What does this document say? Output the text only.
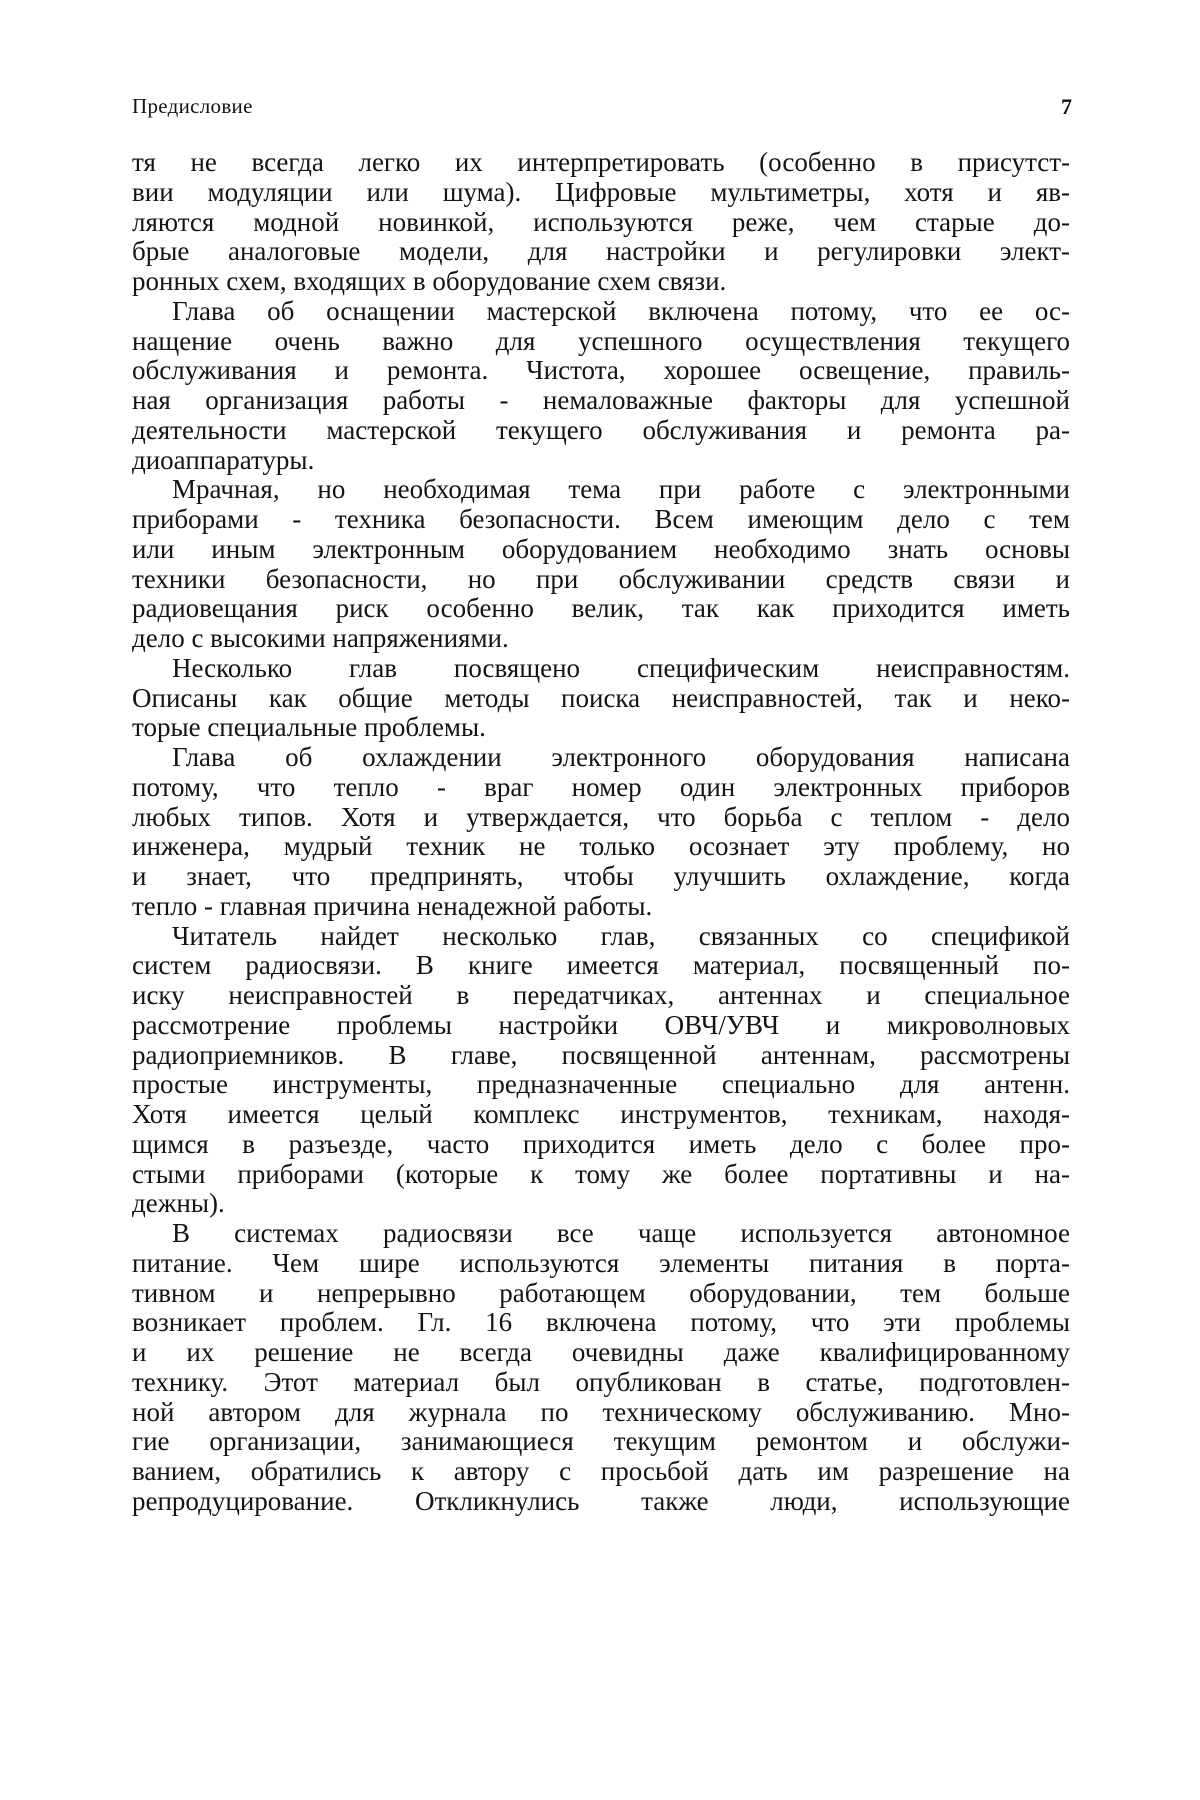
Предисловие	7
тя не всегда легко их интерпретировать (особенно в присутст-
вии модуляции или шума). Цифровые мультиметры, хотя и яв-
ляются модной новинкой, используются реже, чем старые до-
брые аналоговые модели, для настройки и регулировки элект-
ронных схем, входящих в оборудование схем связи.
Глава об оснащении мастерской включена потому, что ее ос-
нащение очень важно для успешного осуществления текущего
обслуживания и ремонта. Чистота, хорошее освещение, правиль-
ная организация работы - немаловажные факторы для успешной
деятельности мастерской текущего обслуживания и ремонта ра-
диоаппаратуры.
Мрачная, но необходимая тема при работе с электронными
приборами - техника безопасности. Всем имеющим дело с тем
или иным электронным оборудованием необходимо знать основы
техники безопасности, но при обслуживании средств связи и
радиовещания риск особенно велик, так как приходится иметь
дело с высокими напряжениями.
Несколько глав посвящено специфическим неисправностям.
Описаны как общие методы поиска неисправностей, так и неко-
торые специальные проблемы.
Глава об охлаждении электронного оборудования написана
потому, что тепло - враг номер один электронных приборов
любых типов. Хотя и утверждается, что борьба с теплом - дело
инженера, мудрый техник не только осознает эту проблему, но
и знает, что предпринять, чтобы улучшить охлаждение, когда
тепло - главная причина ненадежной работы.
Читатель найдет несколько глав, связанных со спецификой
систем радиосвязи. В книге имеется материал, посвященный по-
иску неисправностей в передатчиках, антеннах и специальное
рассмотрение проблемы настройки ОВЧ/УВЧ и микроволновых
радиоприемников. В главе, посвященной антеннам, рассмотрены
простые инструменты, предназначенные специально для антенн.
Хотя имеется целый комплекс инструментов, техникам, находя-
щимся в разъезде, часто приходится иметь дело с более про-
стыми приборами (которые к тому же более портативны и на-
дежны).
В системах радиосвязи все чаще используется автономное
питание. Чем шире используются элементы питания в порта-
тивном и непрерывно работающем оборудовании, тем больше
возникает проблем. Гл. 16 включена потому, что эти проблемы
и их решение не всегда очевидны даже квалифицированному
технику. Этот материал был опубликован в статье, подготовлен-
ной автором для журнала по техническому обслуживанию. Мно-
гие организации, занимающиеся текущим ремонтом и обслужи-
ванием, обратились к автору с просьбой дать им разрешение на
репродуцирование. Откликнулись также люди, использующие
